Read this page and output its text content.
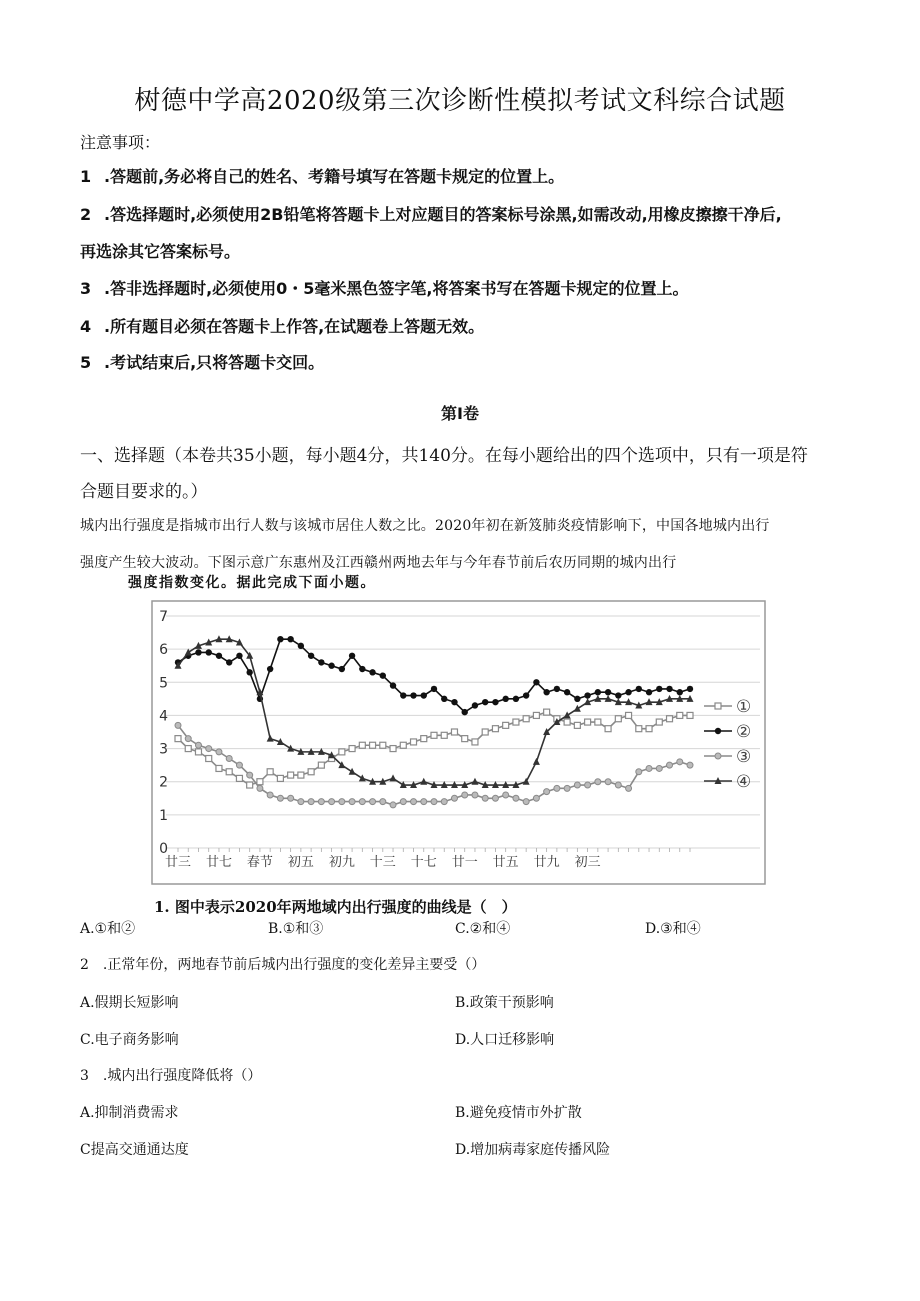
树德中学高2020级第三次诊断性模拟考试文科综合试题
注意事项：
1 .答题前,务必将自己的姓名、考籍号填写在答题卡规定的位置上。
2 .答选择题时,必须使用2B铅笔将答题卡上对应题目的答案标号涂黑,如需改动,用橡皮擦擦干净后,
再选涂其它答案标号。
3 .答非选择题时,必须使用0・5毫米黑色签字笔,将答案书写在答题卡规定的位置上。
4 .所有题目必须在答题卡上作答,在试题卷上答题无效。
5 .考试结束后,只将答题卡交回。
第I卷
一、选择题（本卷共35小题，每小题4分，共140分。在每小题给出的四个选项中，只有一项是符
合题目要求的。）
城内出行强度是指城市出行人数与该城市居住人数之比。2020年初在新笈肺炎疫情影响下，中国各地城内出行
强度产生较大波动。下图示意广东惠州及江西赣州两地去年与今年春节前后农历同期的城内出行
强度指数变化。据此完成下面小题。
0
1
2
3
4
5
6
7
廿三 廿七 春节 初五 初九 十三 十七 廿一 廿五 廿九 初三
①
②
③
④
1. 图中表示2020年两地域内出行强度的曲线是（　）
A.①和②	B.①和③	C.②和④	D.③和④
2　.正常年份，两地春节前后城内出行强度的变化差异主要受（）
A.假期长短影响	B.政策干预影响
C.电子商务影响	D.人口迁移影响
3　.城内出行强度降低将（）
A.抑制消费需求	B.避免疫情市外扩散
C提高交通通达度	D.增加病毒家庭传播风险
